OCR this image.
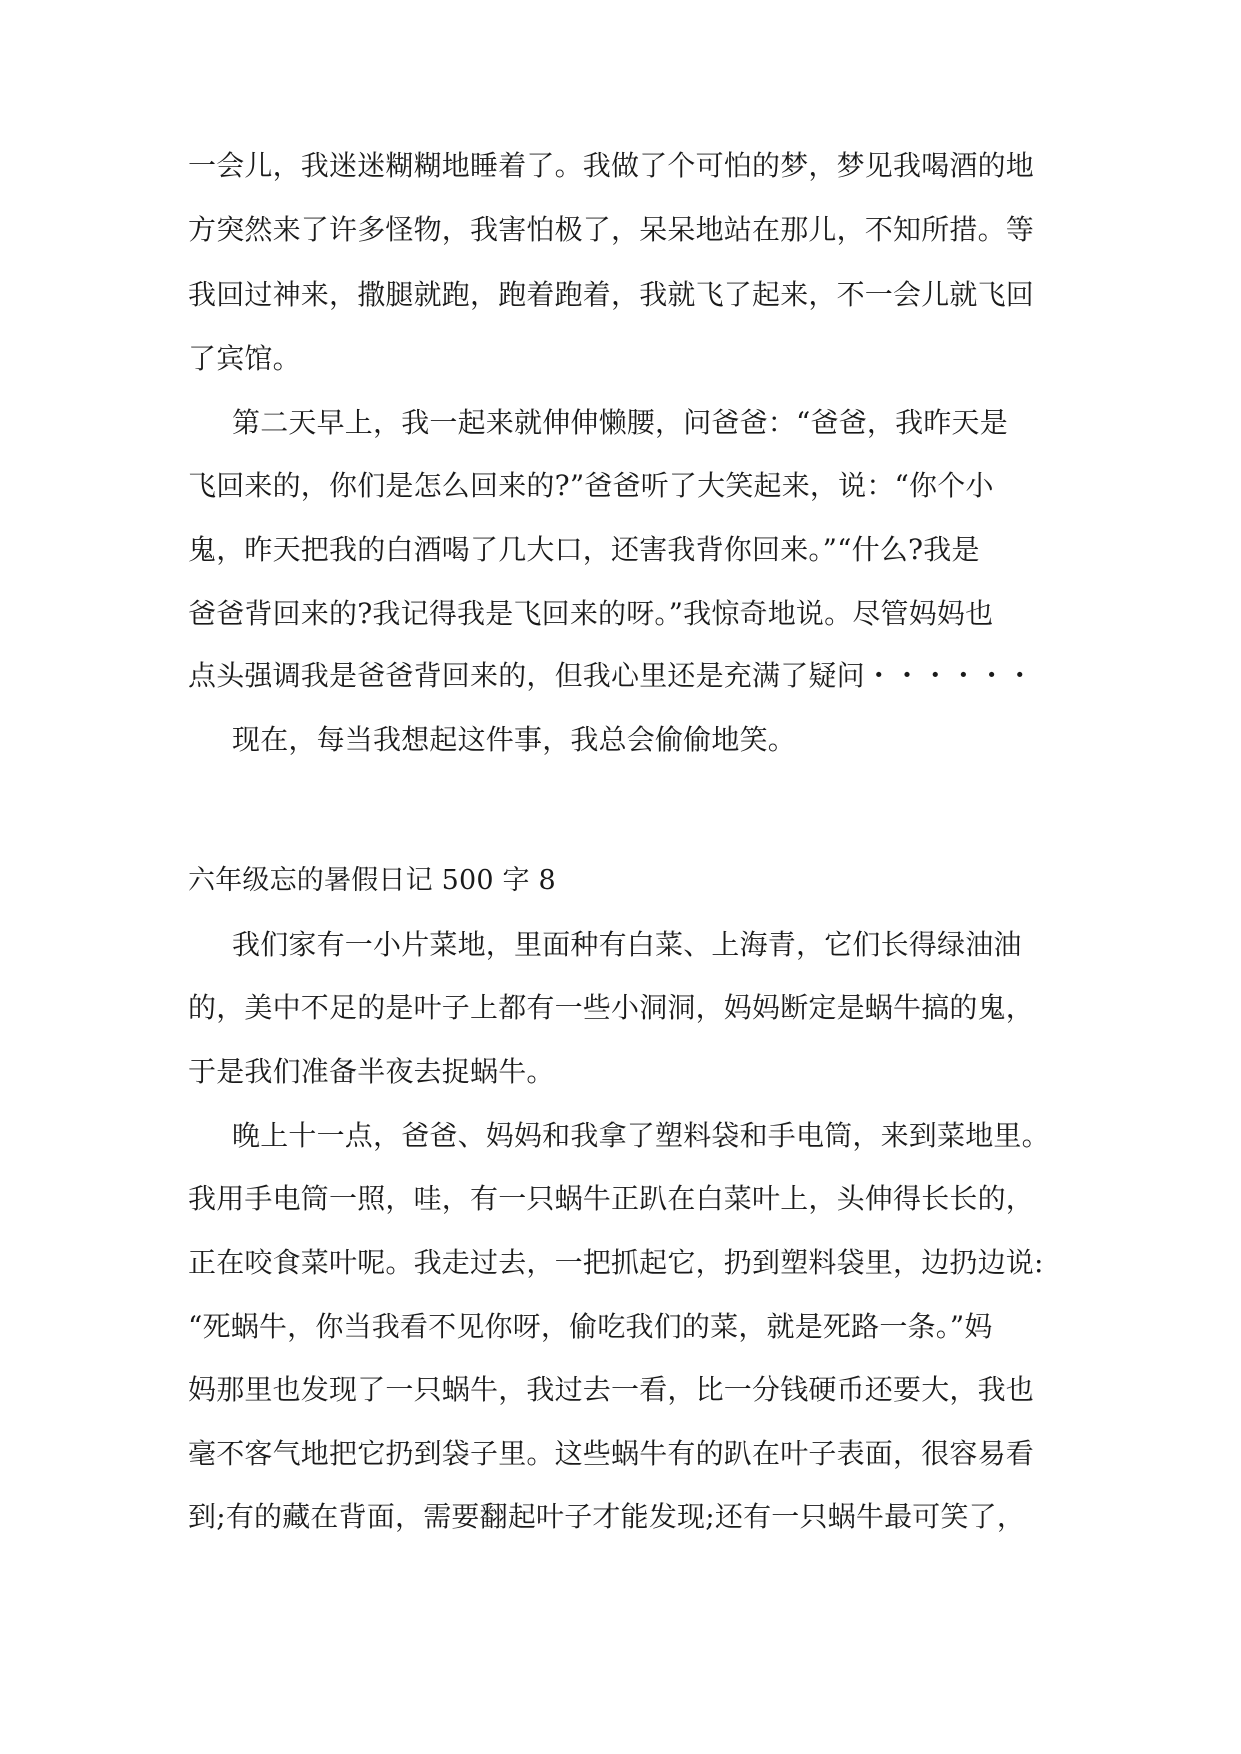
一会儿，我迷迷糊糊地睡着了。我做了个可怕的梦，梦见我喝酒的地
方突然来了许多怪物，我害怕极了，呆呆地站在那儿，不知所措。等
我回过神来，撒腿就跑，跑着跑着，我就飞了起来，不一会儿就飞回
了宾馆。
第二天早上，我一起来就伸伸懒腰，问爸爸：“爸爸，我昨天是
飞回来的，你们是怎么回来的?”爸爸听了大笑起来，说：“你个小
鬼，昨天把我的白酒喝了几大口，还害我背你回来。”“什么?我是
爸爸背回来的?我记得我是飞回来的呀。”我惊奇地说。尽管妈妈也
点头强调我是爸爸背回来的，但我心里还是充满了疑问・・・・・・
现在，每当我想起这件事，我总会偷偷地笑。
六年级忘的暑假日记 500 字 8
我们家有一小片菜地，里面种有白菜、上海青，它们长得绿油油
的，美中不足的是叶子上都有一些小洞洞，妈妈断定是蜗牛搞的鬼，
于是我们准备半夜去捉蜗牛。
晚上十一点，爸爸、妈妈和我拿了塑料袋和手电筒，来到菜地里。
我用手电筒一照，哇，有一只蜗牛正趴在白菜叶上，头伸得长长的，
正在咬食菜叶呢。我走过去，一把抓起它，扔到塑料袋里，边扔边说:
“死蜗牛，你当我看不见你呀，偷吃我们的菜，就是死路一条。”妈
妈那里也发现了一只蜗牛，我过去一看，比一分钱硬币还要大，我也
毫不客气地把它扔到袋子里。这些蜗牛有的趴在叶子表面，很容易看
到;有的藏在背面，需要翻起叶子才能发现;还有一只蜗牛最可笑了，
